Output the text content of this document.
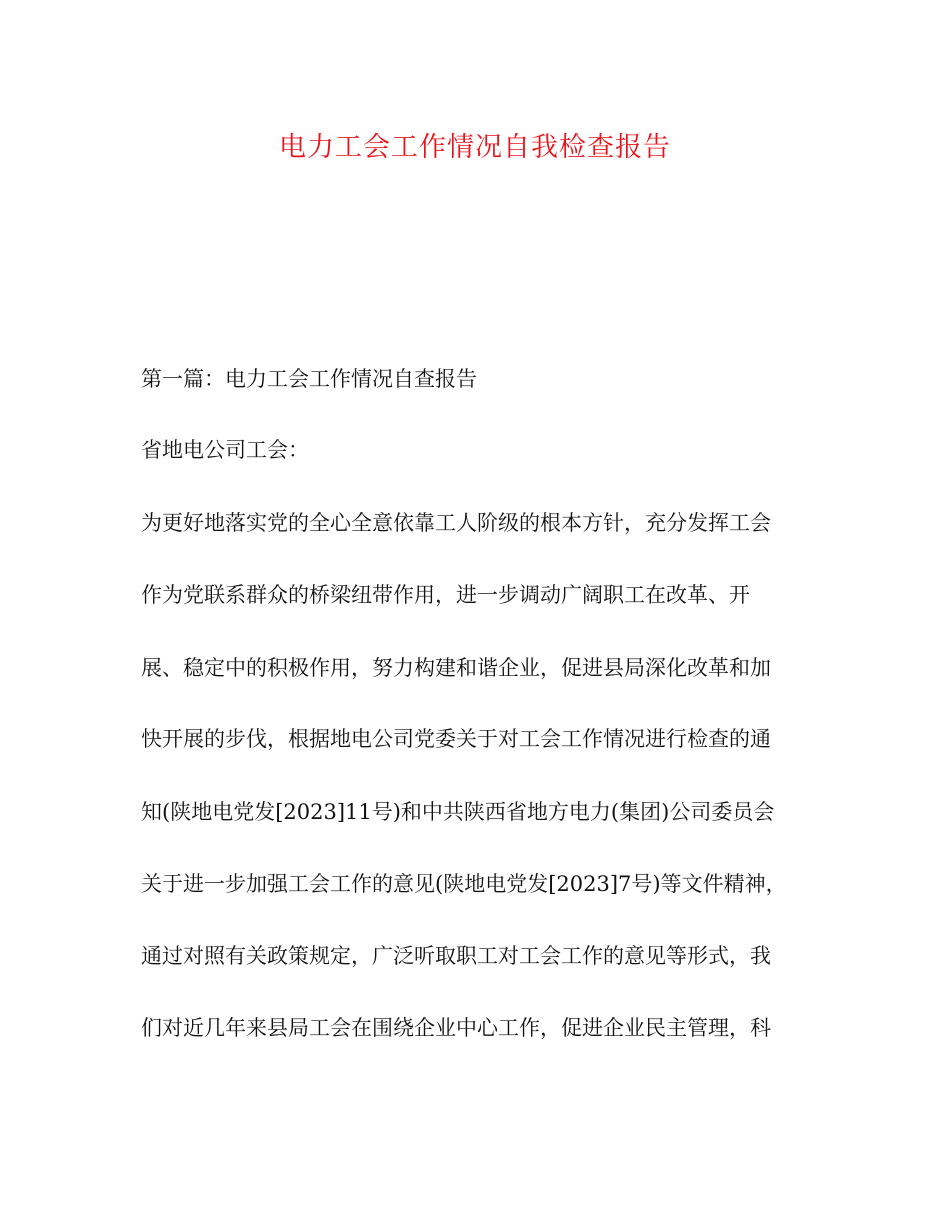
电力工会工作情况自我检查报告

第一篇：电力工会工作情况自查报告

省地电公司工会：

为更好地落实党的全心全意依靠工人阶级的根本方针，充分发挥工会

作为党联系群众的桥梁纽带作用，进一步调动广阔职工在改革、开

展、稳定中的积极作用，努力构建和谐企业，促进县局深化改革和加

快开展的步伐，根据地电公司党委关于对工会工作情况进行检查的通

知(陕地电党发[2023]11号)和中共陕西省地方电力(集团)公司委员会

关于进一步加强工会工作的意见(陕地电党发[2023]7号)等文件精神，

通过对照有关政策规定，广泛听取职工对工会工作的意见等形式，我

们对近几年来县局工会在围绕企业中心工作，促进企业民主管理，科
